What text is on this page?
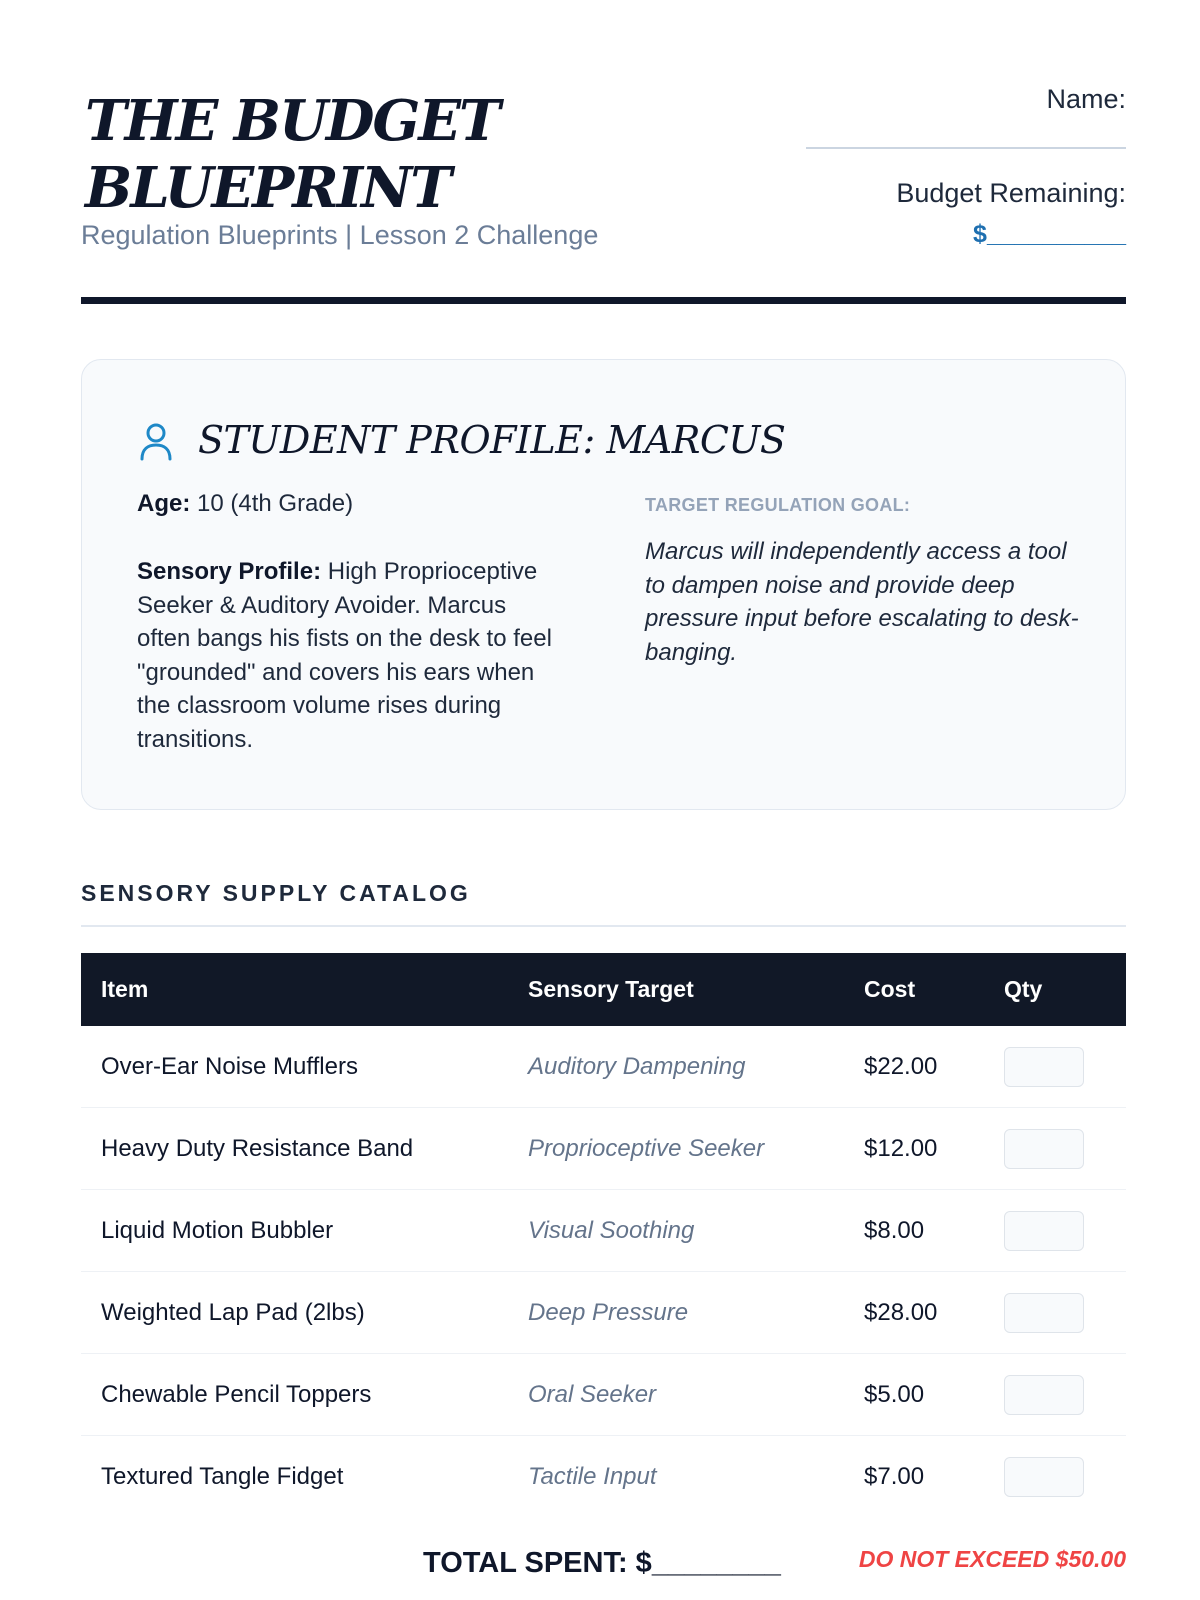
THE BUDGET
BLUEPRINT
Regulation Blueprints | Lesson 2 Challenge
Name:
Budget Remaining:
$__________
STUDENT PROFILE: MARCUS
Age: 10 (4th Grade)
Sensory Profile: High Proprioceptive Seeker & Auditory Avoider. Marcus often bangs his fists on the desk to feel "grounded" and covers his ears when the classroom volume rises during transitions.
TARGET REGULATION GOAL:
Marcus will independently access a tool to dampen noise and provide deep pressure input before escalating to desk-banging.
SENSORY SUPPLY CATALOG
Item	Sensory Target	Cost	Qty
Over-Ear Noise Mufflers	Auditory Dampening	$22.00
Heavy Duty Resistance Band	Proprioceptive Seeker	$12.00
Liquid Motion Bubbler	Visual Soothing	$8.00
Weighted Lap Pad (2lbs)	Deep Pressure	$28.00
Chewable Pencil Toppers	Oral Seeker	$5.00
Textured Tangle Fidget	Tactile Input	$7.00
TOTAL SPENT: $________	DO NOT EXCEED $50.00
